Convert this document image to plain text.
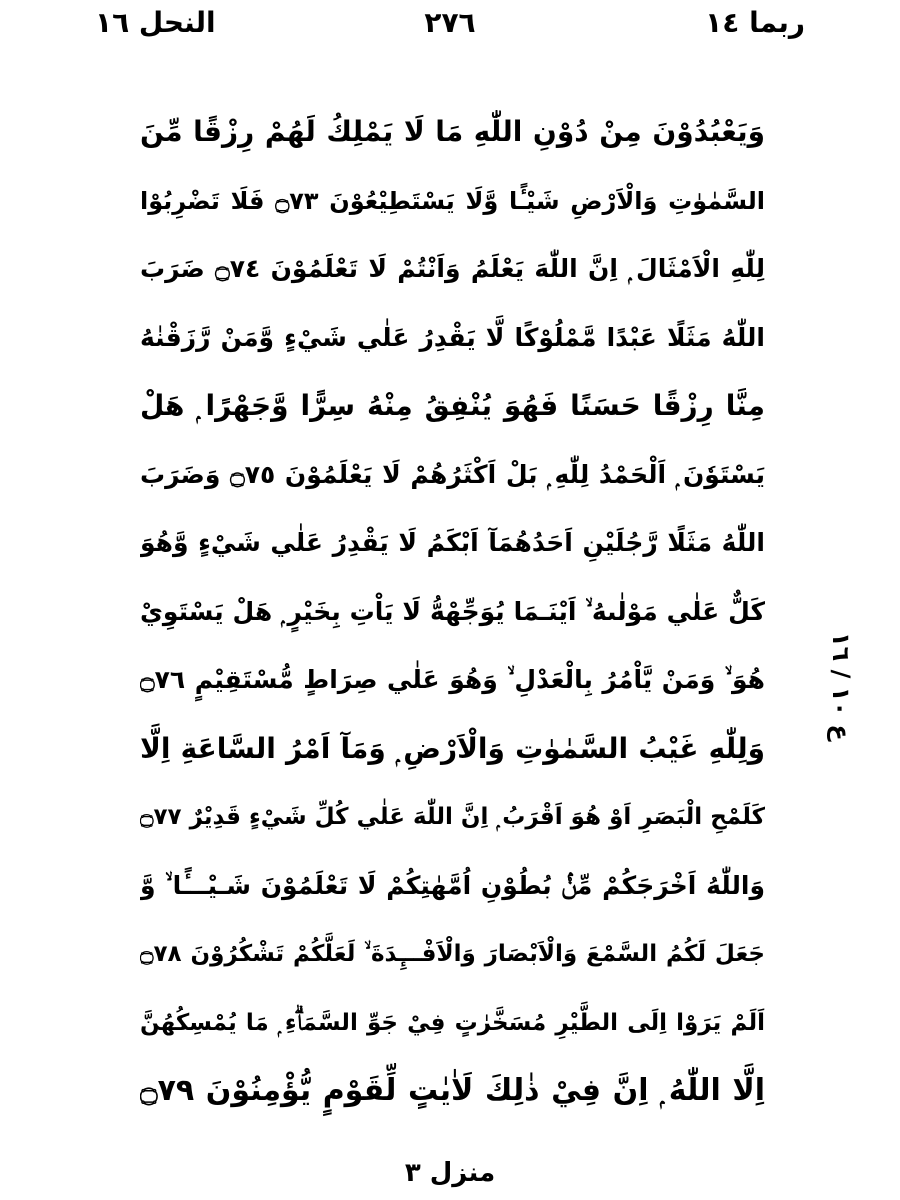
ربما ١٤
٢٧٦
النحل ١٦
وَيَعْبُدُوْنَ مِنْ دُوْنِ اللّٰهِ مَا لَا يَمْلِكُ لَهُمْ رِزْقًا مِّنَ
السَّمٰوٰتِ وَالْاَرْضِ شَيْـًٔا وَّلَا يَسْتَطِيْعُوْنَ ۝٧٣ فَلَا تَضْرِبُوْا
لِلّٰهِ الْاَمْثَالَ ۭ اِنَّ اللّٰهَ يَعْلَمُ وَاَنْتُمْ لَا تَعْلَمُوْنَ ۝٧٤ ضَرَبَ
اللّٰهُ مَثَلًا عَبْدًا مَّمْلُوْكًا لَّا يَقْدِرُ عَلٰي شَيْءٍ وَّمَنْ رَّزَقْنٰهُ
مِنَّا رِزْقًا حَسَنًا فَهُوَ يُنْفِقُ مِنْهُ سِرًّا وَّجَهْرًا ۭ هَلْ
يَسْتَوٗنَ ۭ اَلْحَمْدُ لِلّٰهِ ۭ بَلْ اَكْثَرُهُمْ لَا يَعْلَمُوْنَ ۝٧٥ وَضَرَبَ
اللّٰهُ مَثَلًا رَّجُلَيْنِ اَحَدُهُمَآ اَبْكَمُ لَا يَقْدِرُ عَلٰي شَيْءٍ وَّهُوَ
كَلٌّ عَلٰي مَوْلٰىهُ ۙ اَيْنَـمَا يُوَجِّهْهُّ لَا يَاْتِ بِخَيْرٍ ۭ هَلْ يَسْتَوِيْ
هُوَ ۙ وَمَنْ يَّاْمُرُ بِالْعَدْلِ ۙ وَهُوَ عَلٰي صِرَاطٍ مُّسْتَقِيْمٍ ۝٧٦
وَلِلّٰهِ غَيْبُ السَّمٰوٰتِ وَالْاَرْضِ ۭ وَمَآ اَمْرُ السَّاعَةِ اِلَّا
كَلَمْحِ الْبَصَرِ اَوْ هُوَ اَقْرَبُ ۭ اِنَّ اللّٰهَ عَلٰي كُلِّ شَيْءٍ قَدِيْرٌ ۝٧٧
وَاللّٰهُ اَخْرَجَكُمْ مِّنْۢ بُطُوْنِ اُمَّهٰتِكُمْ لَا تَعْلَمُوْنَ شَـيْـــًٔا ۙ وَّ
جَعَلَ لَكُمُ السَّمْعَ وَالْاَبْصَارَ وَالْاَفْـــِٕدَةَ ۙ لَعَلَّكُمْ تَشْكُرُوْنَ ۝٧٨
اَلَمْ يَرَوْا اِلَى الطَّيْرِ مُسَخَّرٰتٍ فِيْ جَوِّ السَّمَاۗءِ ۭ مَا يُمْسِكُهُنَّ
اِلَّا اللّٰهُ ۭ اِنَّ فِيْ ذٰلِكَ لَاٰيٰتٍ لِّقَوْمٍ يُّؤْمِنُوْنَ ۝٧٩
ع ١٠ / ١٦
منزل ٣
